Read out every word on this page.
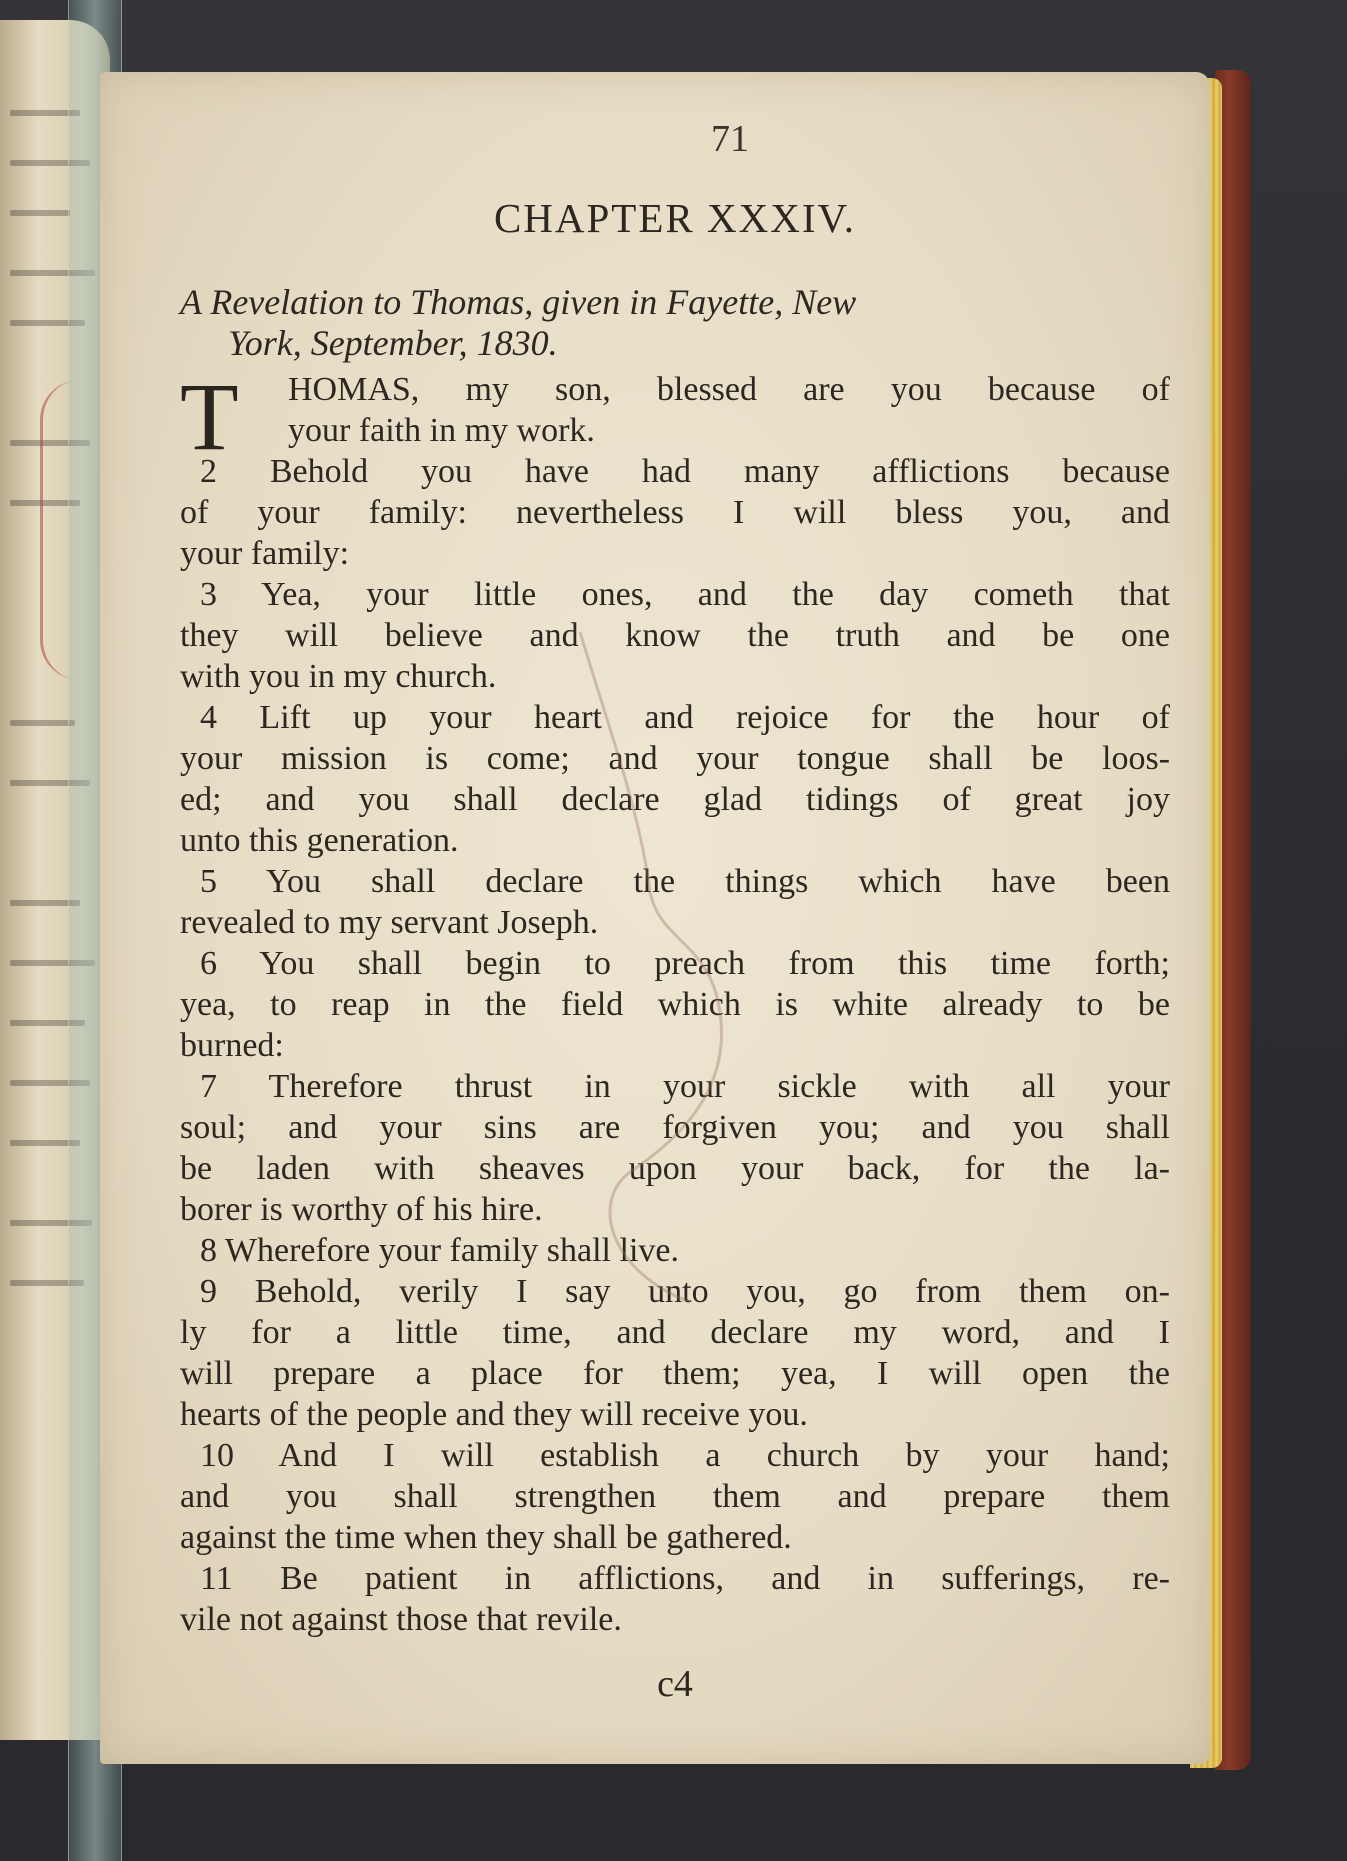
71
CHAPTER XXXIV.
A Revelation to Thomas, given in Fayette, New
York, September, 1830.
T	HOMAS, my son, blessed are you because of
your faith in my work.
2 Behold you have had many afflictions because
of your family: nevertheless I will bless you, and
your family:
3 Yea, your little ones, and the day cometh that
they will believe and know the truth and be one
with you in my church.
4 Lift up your heart and rejoice for the hour of
your mission is come; and your tongue shall be loos-
ed; and you shall declare glad tidings of great joy
unto this generation.
5 You shall declare the things which have been
revealed to my servant Joseph.
6 You shall begin to preach from this time forth;
yea, to reap in the field which is white already to be
burned:
7 Therefore thrust in your sickle with all your
soul; and your sins are forgiven you; and you shall
be laden with sheaves upon your back, for the la-
borer is worthy of his hire.
8 Wherefore your family shall live.
9 Behold, verily I say unto you, go from them on-
ly for a little time, and declare my word, and I
will prepare a place for them; yea, I will open the
hearts of the people and they will receive you.
10 And I will establish a church by your hand;
and you shall strengthen them and prepare them
against the time when they shall be gathered.
11 Be patient in afflictions, and in sufferings, re-
vile not against those that revile.
c4
